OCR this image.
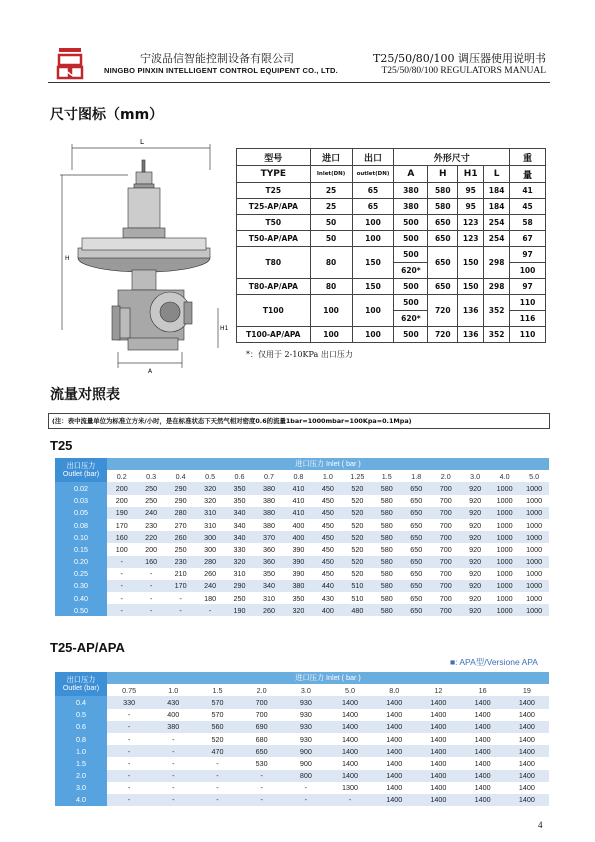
宁波品信智能控制设备有限公司
NINGBO PINXIN INTELLIGENT CONTROL EQUIPENT CO., LTD.
T25/50/80/100 调压器使用说明书
T25/50/80/100 REGULATORS MANUAL
尺寸图标（mm）
L
H
H1
A
型号	进口	出口	外形尺寸				重
TYPE	Inlet(DN)	outlet(DN)	A	H	H1	L	量
T25	25	65	380	580	95	184	41
T25-AP/APA	25	65	380	580	95	184	45
T50	50	100	500	650	123	254	58
T50-AP/APA	50	100	500	650	123	254	67
T80	80	150	500	650	150	298	97
			620*				100
T80-AP/APA	80	150	500	650	150	298	97
T100	100	100	500	720	136	352	110
			620*				116
T100-AP/APA	100	100	500	720	136	352	110
*：仅用于 2-10KPa 出口压力
流量对照表
(注：表中流量单位为标准立方米/小时，是在标准状态下天然气相对密度0.6的流量1bar=1000mbar=100Kpa=0.1Mpa)
T25
出口压力
Outlet (bar)	进口压力 Inlet ( bar )														
	0.2	0.3	0.4	0.5	0.6	0.7	0.8	1.0	1.25	1.5	1.8	2.0	3.0	4.0	5.0
0.02	200	250	290	320	350	380	410	450	520	580	650	700	920	1000	1000
0.03	200	250	290	320	350	380	410	450	520	580	650	700	920	1000	1000
0.05	190	240	280	310	340	380	410	450	520	580	650	700	920	1000	1000
0.08	170	230	270	310	340	380	400	450	520	580	650	700	920	1000	1000
0.10	160	220	260	300	340	370	400	450	520	580	650	700	920	1000	1000
0.15	100	200	250	300	330	360	390	450	520	580	650	700	920	1000	1000
0.20	-	160	230	280	320	360	390	450	520	580	650	700	920	1000	1000
0.25	-	-	210	260	310	350	390	450	520	580	650	700	920	1000	1000
0.30	-	-	170	240	290	340	380	440	510	580	650	700	920	1000	1000
0.40	-	-	-	180	250	310	350	430	510	580	650	700	920	1000	1000
0.50	-	-	-	-	190	260	320	400	480	580	650	700	920	1000	1000
T25-AP/APA
■: APA型/Versione APA
出口压力
Outlet (bar)	进口压力 Inlet ( bar )									
	0.75	1.0	1.5	2.0	3.0	5.0	8.0	12	16	19
0.4	330	430	570	700	930	1400	1400	1400	1400	1400
0.5	-	400	570	700	930	1400	1400	1400	1400	1400
0.6	-	380	560	690	930	1400	1400	1400	1400	1400
0.8	-	-	520	680	930	1400	1400	1400	1400	1400
1.0	-	-	470	650	900	1400	1400	1400	1400	1400
1.5	-	-	-	530	900	1400	1400	1400	1400	1400
2.0	-	-	-	-	800	1400	1400	1400	1400	1400
3.0	-	-	-	-	-	1300	1400	1400	1400	1400
4.0	-	-	-	-	-	-	1400	1400	1400	1400
4
